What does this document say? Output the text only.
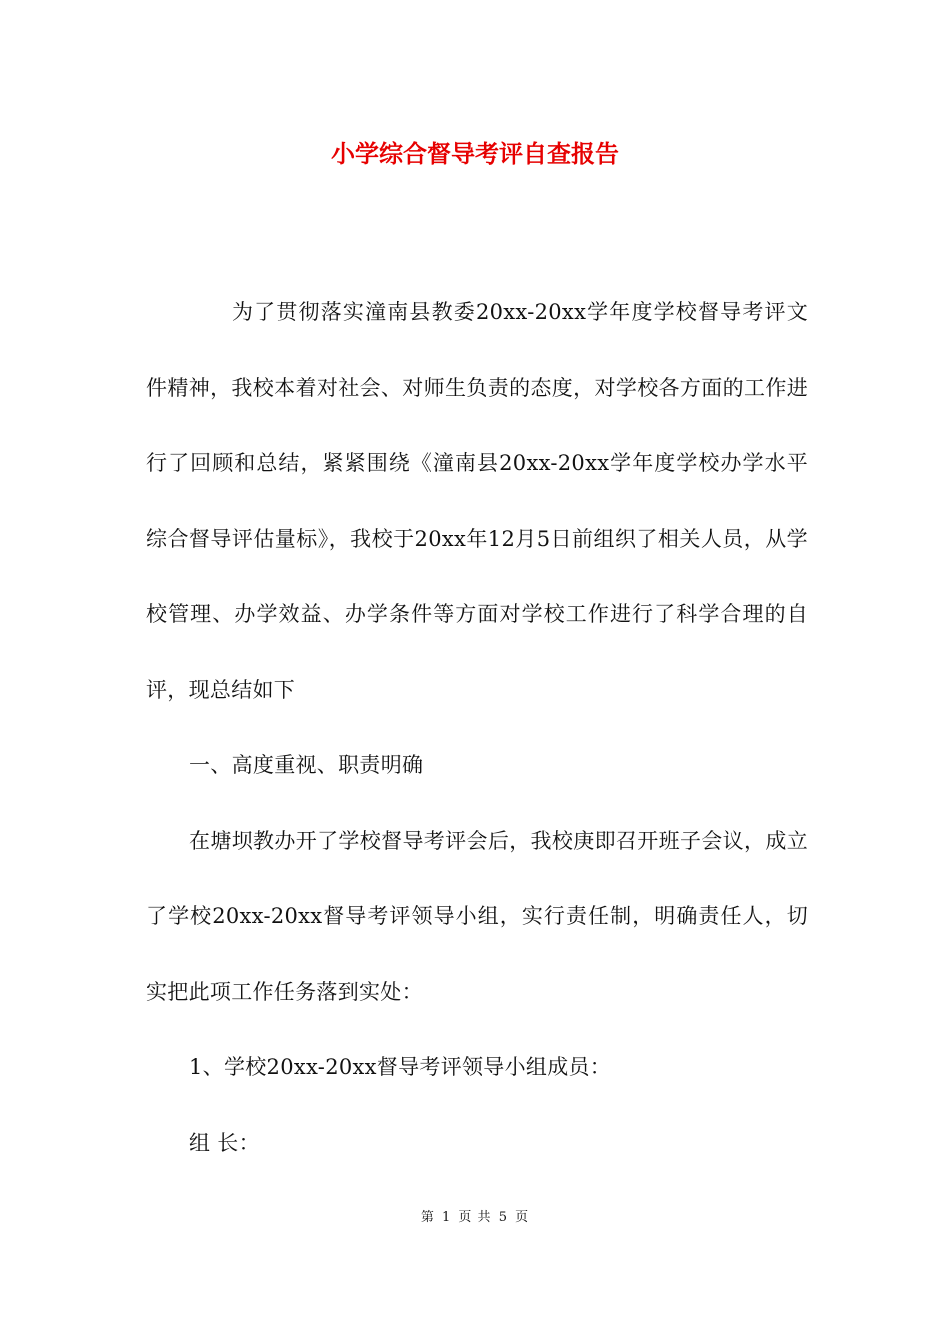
小学综合督导考评自查报告

为了贯彻落实潼南县教委20xx-20xx学年度学校督导考评文件精神，我校本着对社会、对师生负责的态度，对学校各方面的工作进行了回顾和总结，紧紧围绕《潼南县20xx-20xx学年度学校办学水平综合督导评估量标》，我校于20xx年12月5日前组织了相关人员，从学校管理、办学效益、办学条件等方面对学校工作进行了科学合理的自评，现总结如下

一、高度重视、职责明确

在塘坝教办开了学校督导考评会后，我校庚即召开班子会议，成立了学校20xx-20xx督导考评领导小组，实行责任制，明确责任人，切实把此项工作任务落到实处：

1、学校20xx-20xx督导考评领导小组成员：

组 长：

第 1 页 共 5 页
